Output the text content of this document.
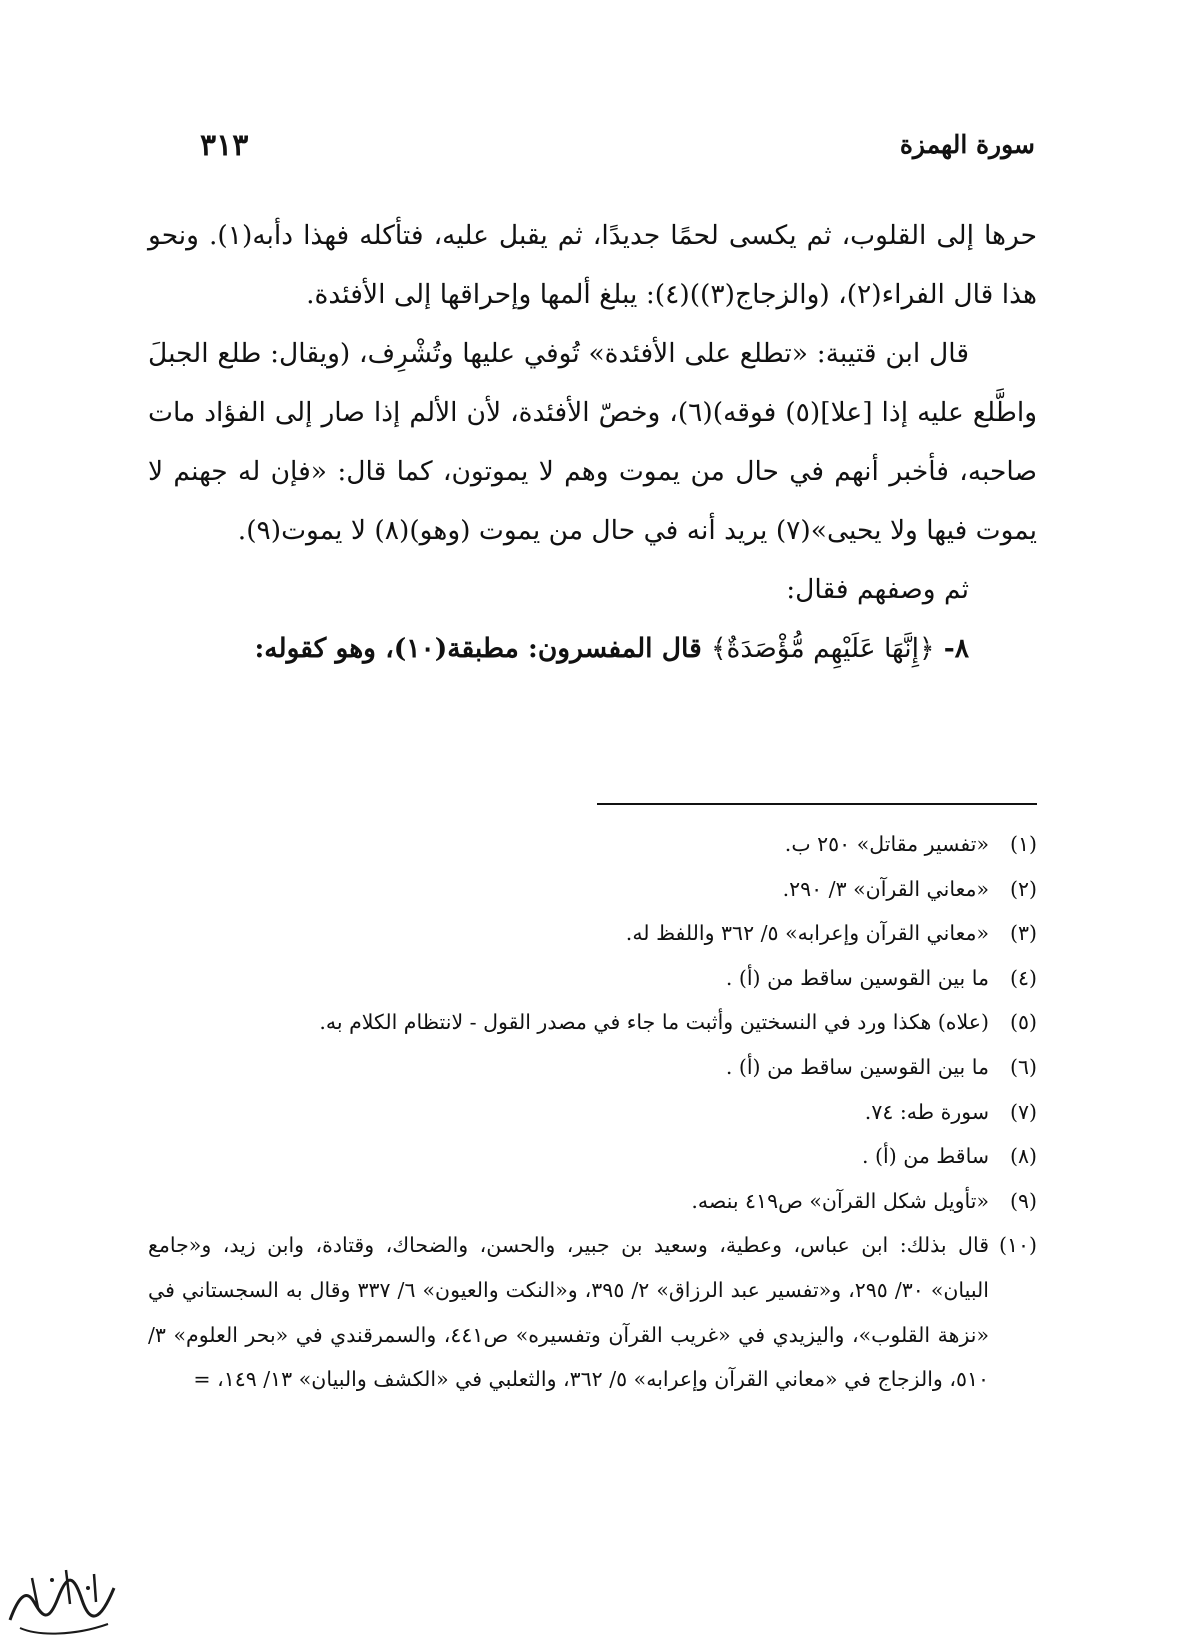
سورة الهمزة
٣١٣

حرها إلى القلوب، ثم يكسى لحمًا جديدًا، ثم يقبل عليه، فتأكله فهذا دأبه(١). ونحو هذا قال الفراء(٢)، (والزجاج(٣))(٤): يبلغ ألمها وإحراقها إلى الأفئدة.

قال ابن قتيبة: «تطلع على الأفئدة» تُوفي عليها وتُشْرِف، (ويقال: طلع الجبلَ واطَّلع عليه إذا [علا](٥) فوقه)(٦)، وخصّ الأفئدة، لأن الألم إذا صار إلى الفؤاد مات صاحبه، فأخبر أنهم في حال من يموت وهم لا يموتون، كما قال: «فإن له جهنم لا يموت فيها ولا يحيى»(٧) يريد أنه في حال من يموت (وهو)(٨) لا يموت(٩).

ثم وصفهم فقال:

٨- ﴿إِنَّهَا عَلَيْهِم مُّؤْصَدَةٌ﴾ قال المفسرون: مطبقة(١٠)، وهو كقوله:

(١)
«تفسير مقاتل» ٢٥٠ ب.
(٢)
«معاني القرآن» ٣/ ٢٩٠.
(٣)
«معاني القرآن وإعرابه» ٥/ ٣٦٢ واللفظ له.
(٤)
ما بين القوسين ساقط من (أ) .
(٥)
(علاه) هكذا ورد في النسختين وأثبت ما جاء في مصدر القول - لانتظام الكلام به.
(٦)
ما بين القوسين ساقط من (أ) .
(٧)
سورة طه: ٧٤.
(٨)
ساقط من (أ) .
(٩)
«تأويل شكل القرآن» ص٤١٩ بنصه.
(١٠)
قال بذلك: ابن عباس، وعطية، وسعيد بن جبير، والحسن، والضحاك، وقتادة، وابن زيد، و«جامع البيان» ٣٠/ ٢٩٥، و«تفسير عبد الرزاق» ٢/ ٣٩٥، و«النكت والعيون» ٦/ ٣٣٧ وقال به السجستاني في «نزهة القلوب»، واليزيدي في «غريب القرآن وتفسيره» ص٤٤١، والسمرقندي في «بحر العلوم» ٣/ ٥١٠، والزجاج في «معاني القرآن وإعرابه» ٥/ ٣٦٢، والثعلبي في «الكشف والبيان» ١٣/ ١٤٩، =
